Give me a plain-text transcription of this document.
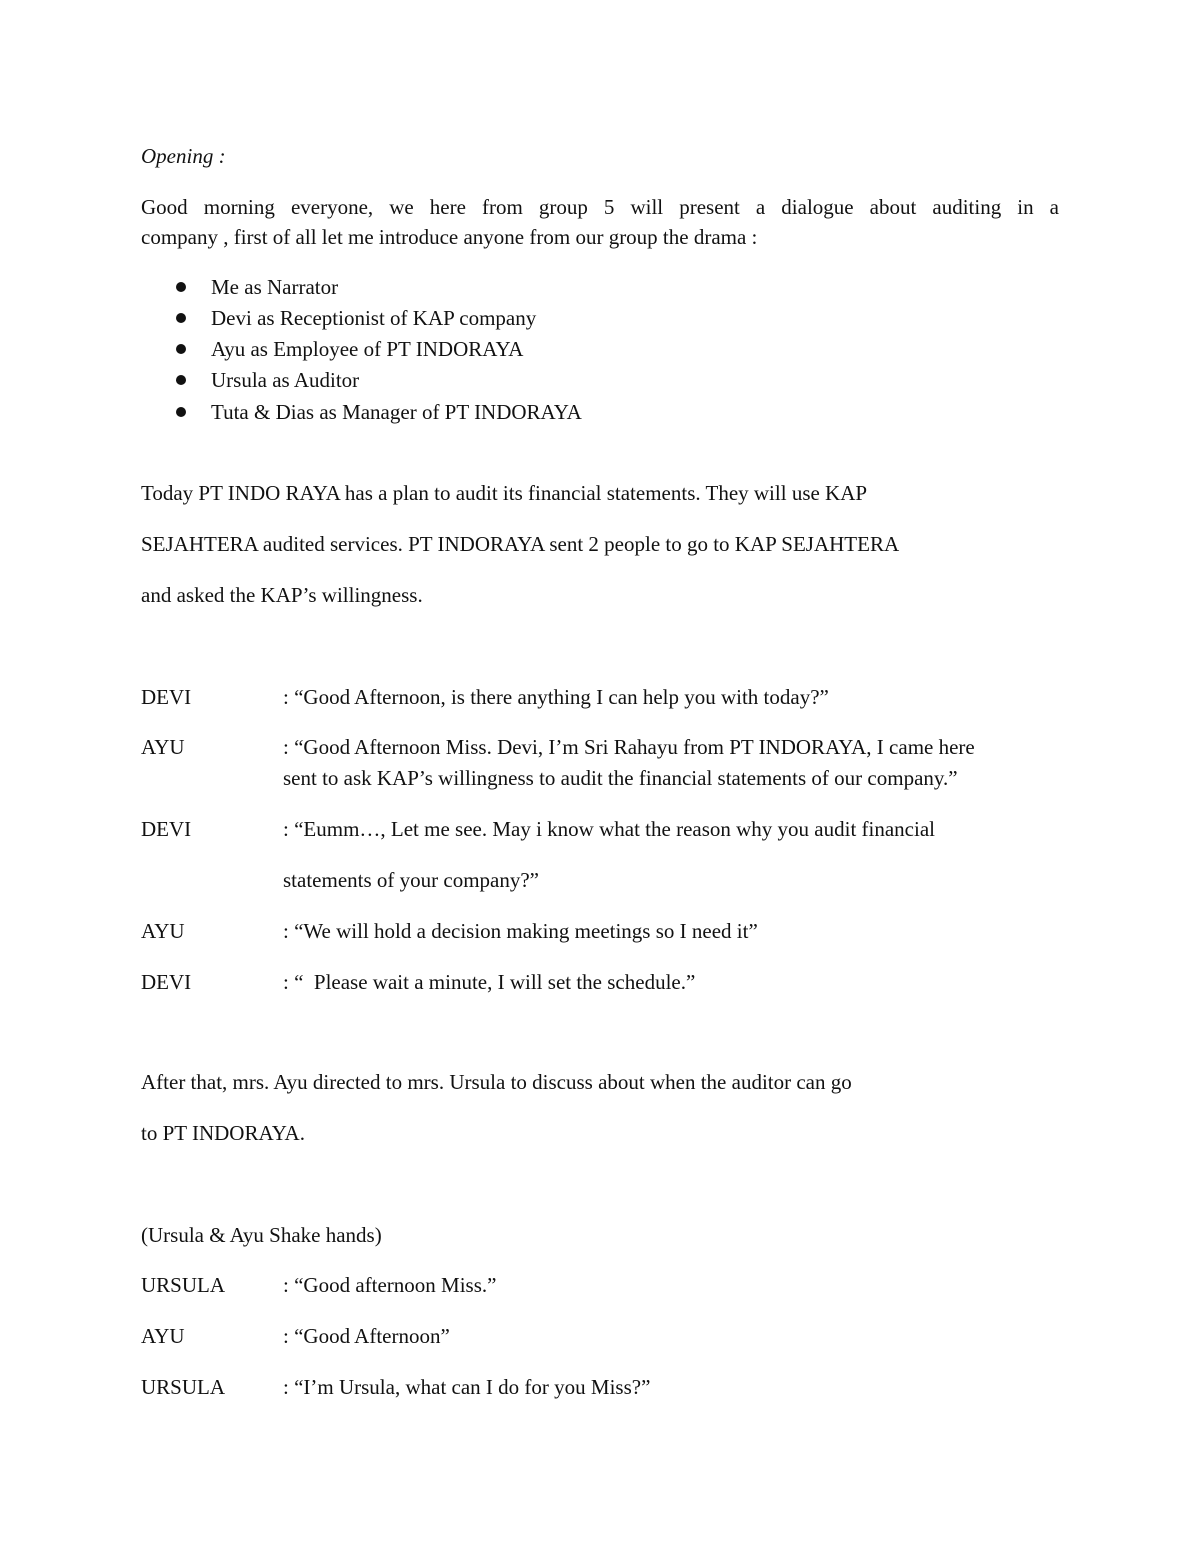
Opening :
Good morning everyone, we here from group 5 will present a dialogue about auditing in a
company , first of all let me introduce anyone from our group the drama :
Me as Narrator
Devi as Receptionist of KAP company
Ayu as Employee of PT INDORAYA
Ursula as Auditor
Tuta & Dias as Manager of PT INDORAYA
Today PT INDO RAYA has a plan to audit its financial statements. They will use KAP
SEJAHTERA audited services. PT INDORAYA sent 2 people to go to KAP SEJAHTERA
and asked the KAP’s willingness.
DEVI	: “Good Afternoon, is there anything I can help you with today?”
AYU	: “Good Afternoon Miss. Devi, I’m Sri Rahayu from PT INDORAYA, I came here
sent to ask KAP’s willingness to audit the financial statements of our company.”
DEVI	: “Eumm…, Let me see. May i know what the reason why you audit financial
statements of your company?”
AYU	: “We will hold a decision making meetings so I need it”
DEVI	: “  Please wait a minute, I will set the schedule.”
After that, mrs. Ayu directed to mrs. Ursula to discuss about when the auditor can go
to PT INDORAYA.
(Ursula & Ayu Shake hands)
URSULA	: “Good afternoon Miss.”
AYU	: “Good Afternoon”
URSULA	: “I’m Ursula, what can I do for you Miss?”
